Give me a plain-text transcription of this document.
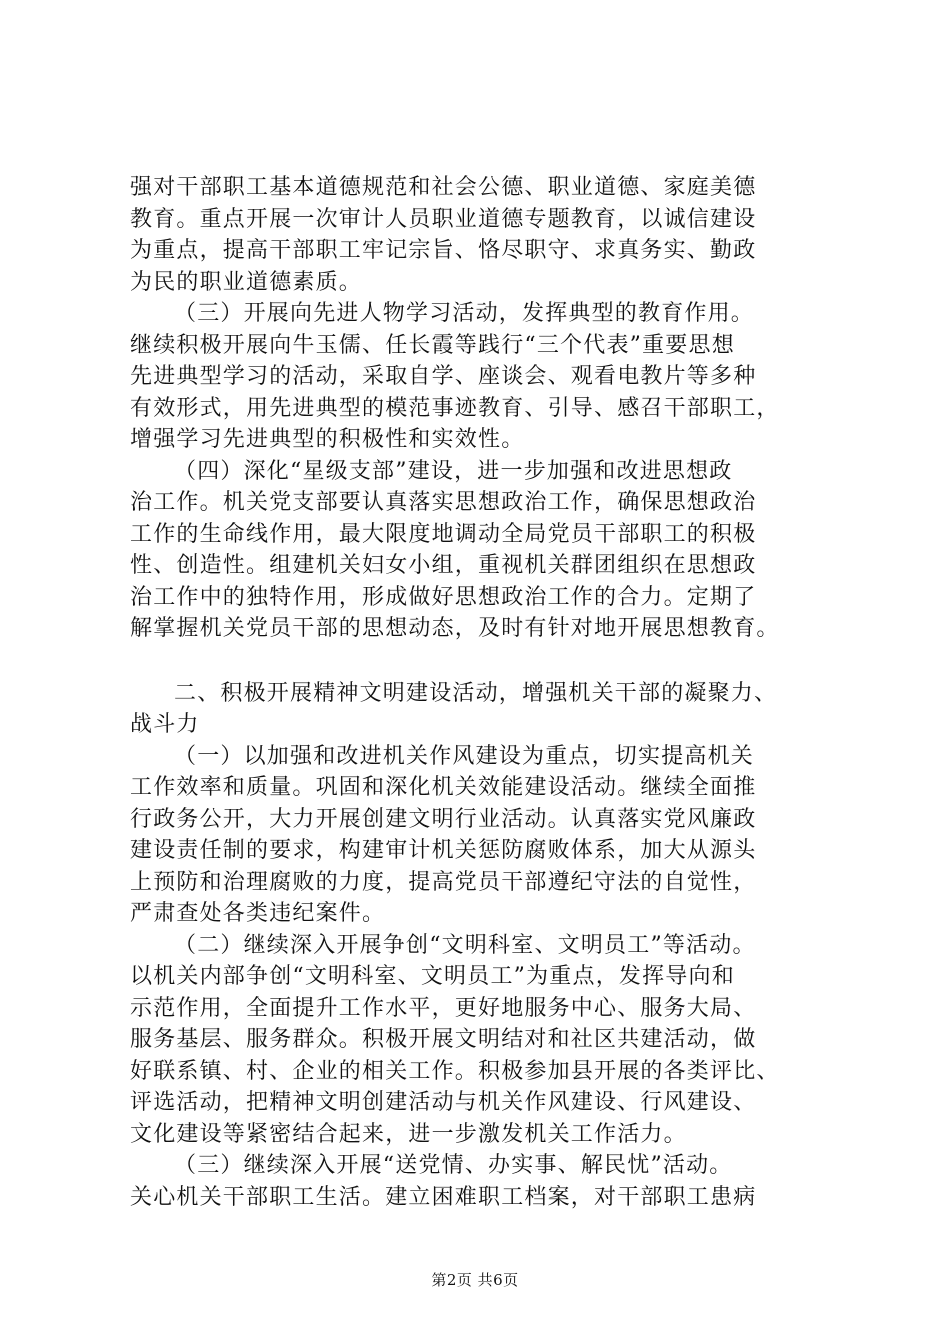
强对干部职工基本道德规范和社会公德、职业道德、家庭美德
教育。重点开展一次审计人员职业道德专题教育，以诚信建设
为重点，提高干部职工牢记宗旨、恪尽职守、求真务实、勤政
为民的职业道德素质。
（三）开展向先进人物学习活动，发挥典型的教育作用。
继续积极开展向牛玉儒、任长霞等践行“三个代表”重要思想
先进典型学习的活动，采取自学、座谈会、观看电教片等多种
有效形式，用先进典型的模范事迹教育、引导、感召干部职工，
增强学习先进典型的积极性和实效性。
（四）深化“星级支部”建设，进一步加强和改进思想政
治工作。机关党支部要认真落实思想政治工作，确保思想政治
工作的生命线作用，最大限度地调动全局党员干部职工的积极
性、创造性。组建机关妇女小组，重视机关群团组织在思想政
治工作中的独特作用，形成做好思想政治工作的合力。定期了
解掌握机关党员干部的思想动态，及时有针对地开展思想教育。
二、积极开展精神文明建设活动，增强机关干部的凝聚力、
战斗力
（一）以加强和改进机关作风建设为重点，切实提高机关
工作效率和质量。巩固和深化机关效能建设活动。继续全面推
行政务公开，大力开展创建文明行业活动。认真落实党风廉政
建设责任制的要求，构建审计机关惩防腐败体系，加大从源头
上预防和治理腐败的力度，提高党员干部遵纪守法的自觉性，
严肃查处各类违纪案件。
（二）继续深入开展争创“文明科室、文明员工”等活动。
以机关内部争创“文明科室、文明员工”为重点，发挥导向和
示范作用，全面提升工作水平，更好地服务中心、服务大局、
服务基层、服务群众。积极开展文明结对和社区共建活动，做
好联系镇、村、企业的相关工作。积极参加县开展的各类评比、
评选活动，把精神文明创建活动与机关作风建设、行风建设、
文化建设等紧密结合起来，进一步激发机关工作活力。
（三）继续深入开展“送党情、办实事、解民忧”活动。
关心机关干部职工生活。建立困难职工档案，对干部职工患病
第2页 共6页
